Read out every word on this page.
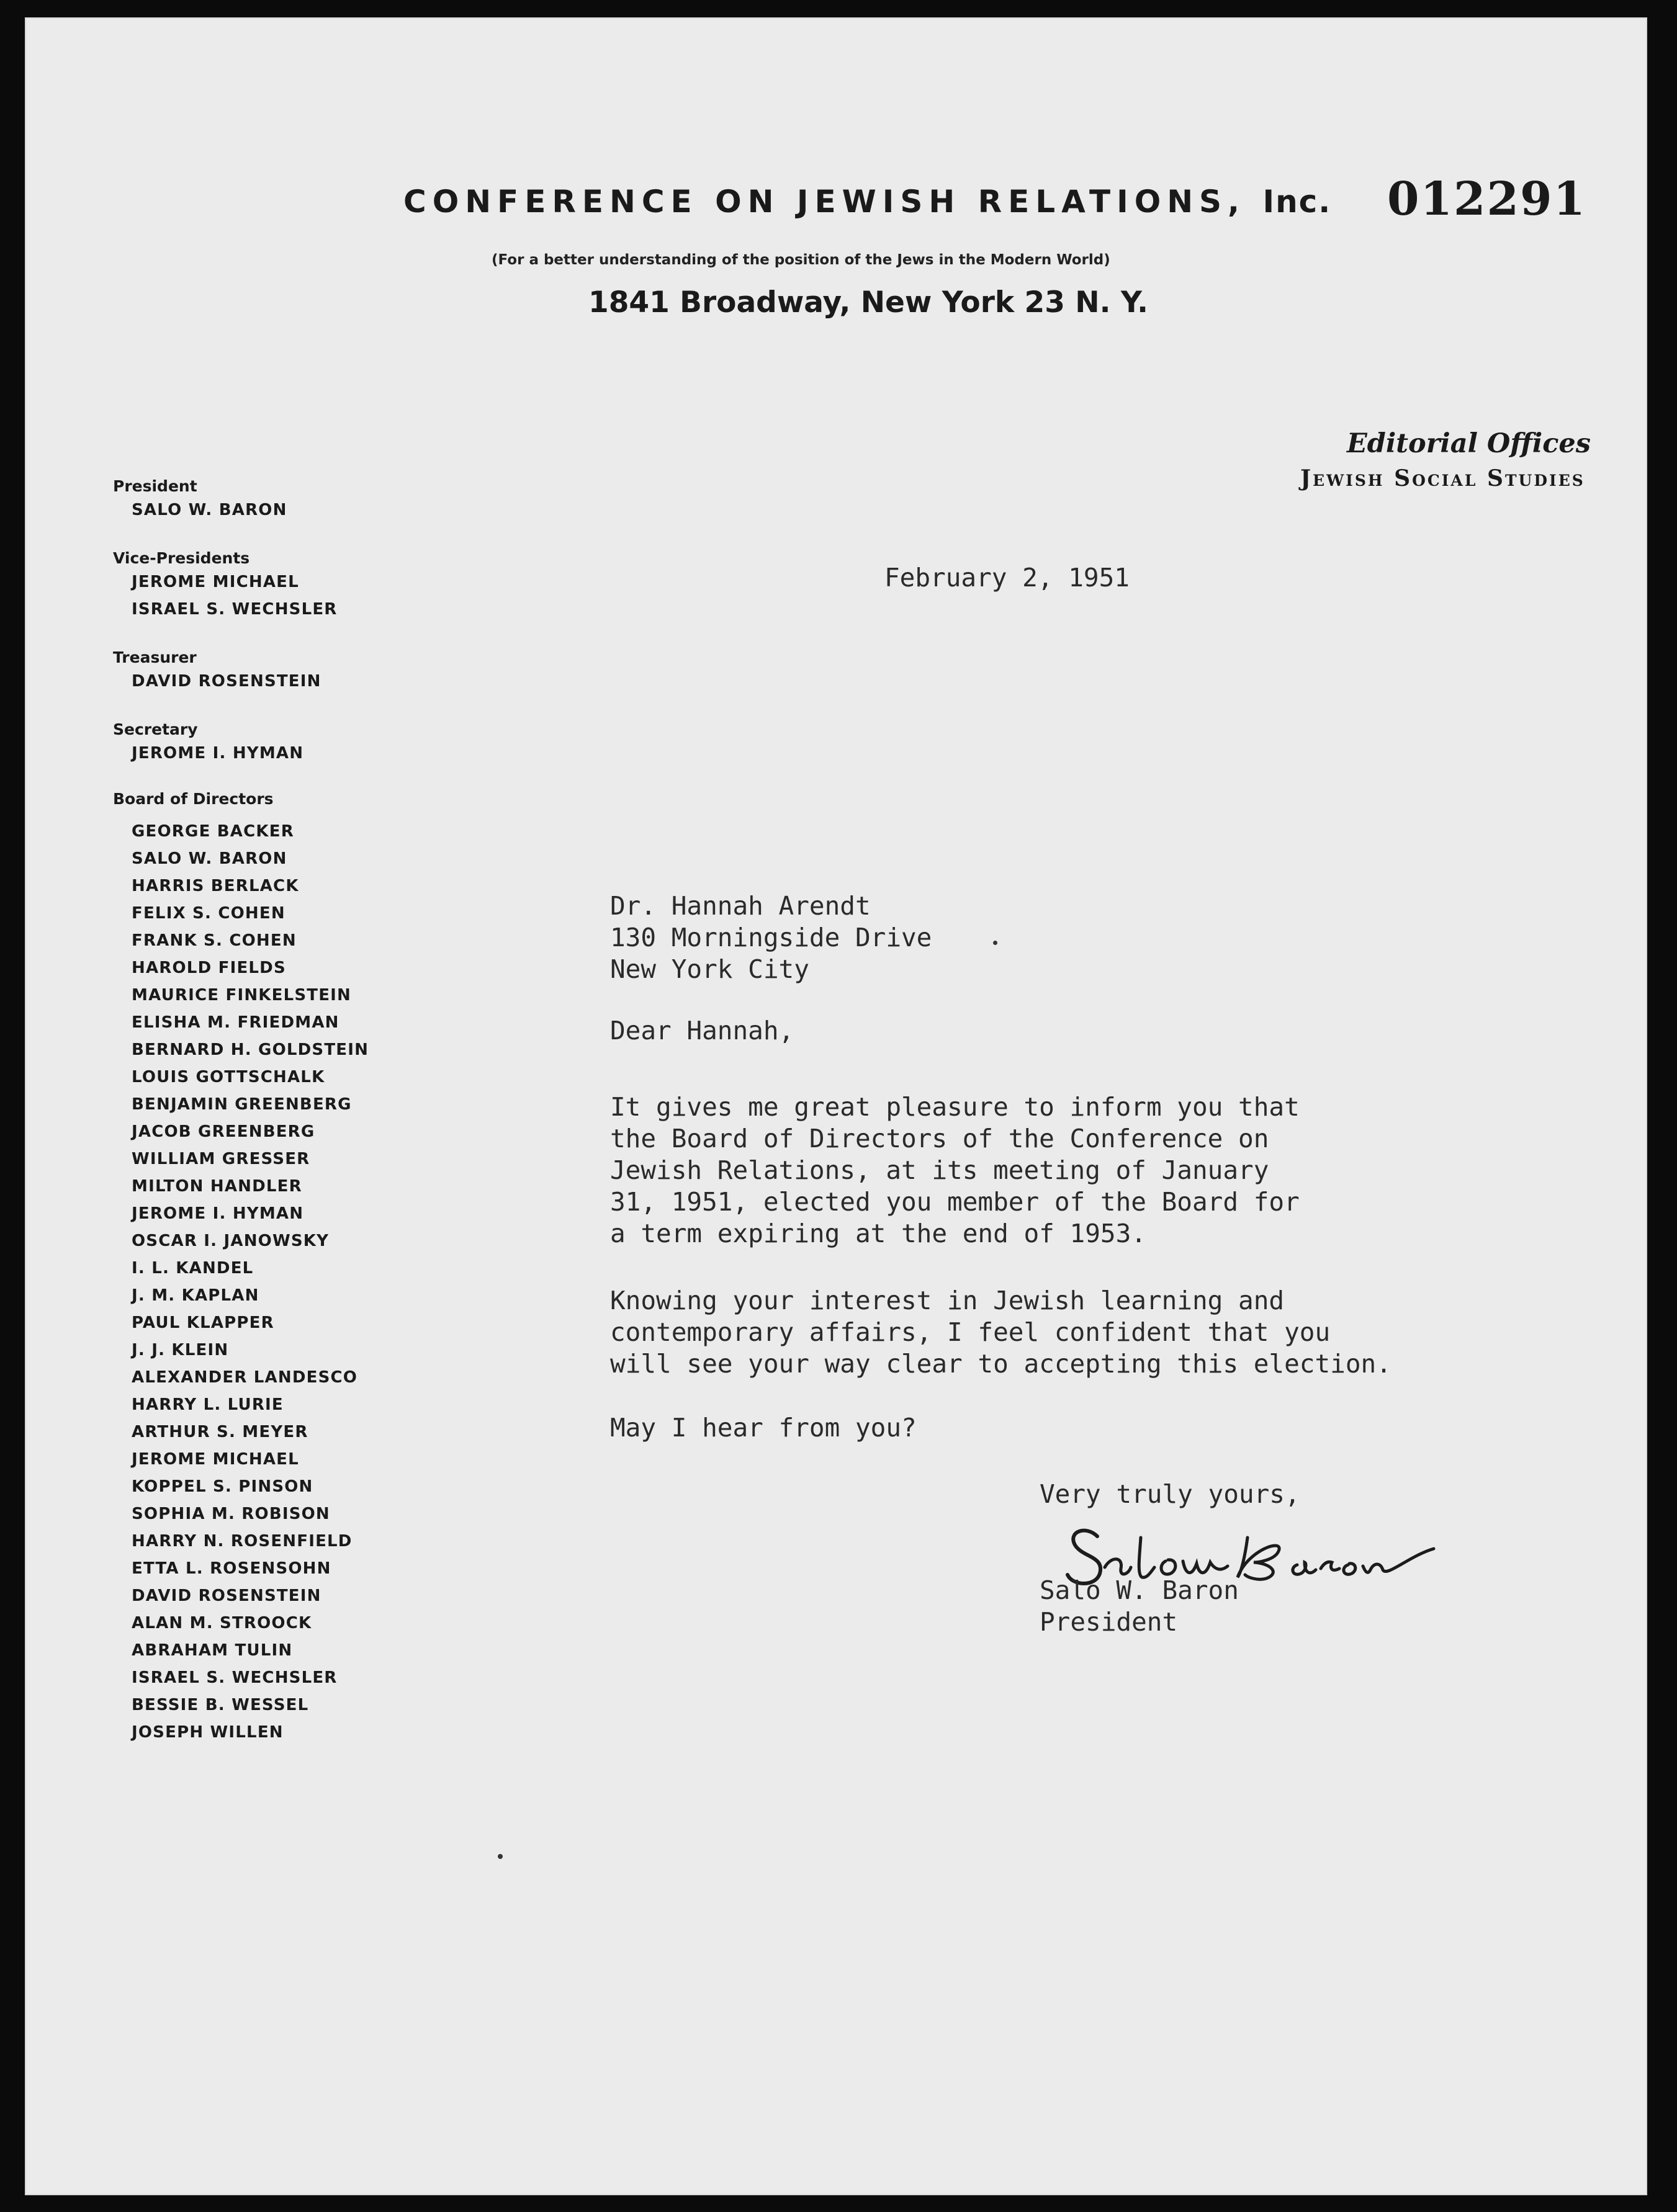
CONFERENCE ON JEWISH RELATIONS, Inc. 012291
(For a better understanding of the position of the Jews in the Modern World)
1841 Broadway, New York 23 N. Y.
Editorial Offices
Jewish Social Studies
President
SALO W. BARON
Vice-Presidents
JEROME MICHAEL
ISRAEL S. WECHSLER
Treasurer
DAVID ROSENSTEIN
Secretary
JEROME I. HYMAN
Board of Directors
GEORGE BACKER
SALO W. BARON
HARRIS BERLACK
FELIX S. COHEN
FRANK S. COHEN
HAROLD FIELDS
MAURICE FINKELSTEIN
ELISHA M. FRIEDMAN
BERNARD H. GOLDSTEIN
LOUIS GOTTSCHALK
BENJAMIN GREENBERG
JACOB GREENBERG
WILLIAM GRESSER
MILTON HANDLER
JEROME I. HYMAN
OSCAR I. JANOWSKY
I. L. KANDEL
J. M. KAPLAN
PAUL KLAPPER
J. J. KLEIN
ALEXANDER LANDESCO
HARRY L. LURIE
ARTHUR S. MEYER
JEROME MICHAEL
KOPPEL S. PINSON
SOPHIA M. ROBISON
HARRY N. ROSENFIELD
ETTA L. ROSENSOHN
DAVID ROSENSTEIN
ALAN M. STROOCK
ABRAHAM TULIN
ISRAEL S. WECHSLER
BESSIE B. WESSEL
JOSEPH WILLEN
February 2, 1951
Dr. Hannah Arendt
130 Morningside Drive
New York City
Dear Hannah,
It gives me great pleasure to inform you that
the Board of Directors of the Conference on
Jewish Relations, at its meeting of January
31, 1951, elected you member of the Board for
a term expiring at the end of 1953.
Knowing your interest in Jewish learning and
contemporary affairs, I feel confident that you
will see your way clear to accepting this election.
May I hear from you?
Very truly yours,
Salo W. Baron
President
